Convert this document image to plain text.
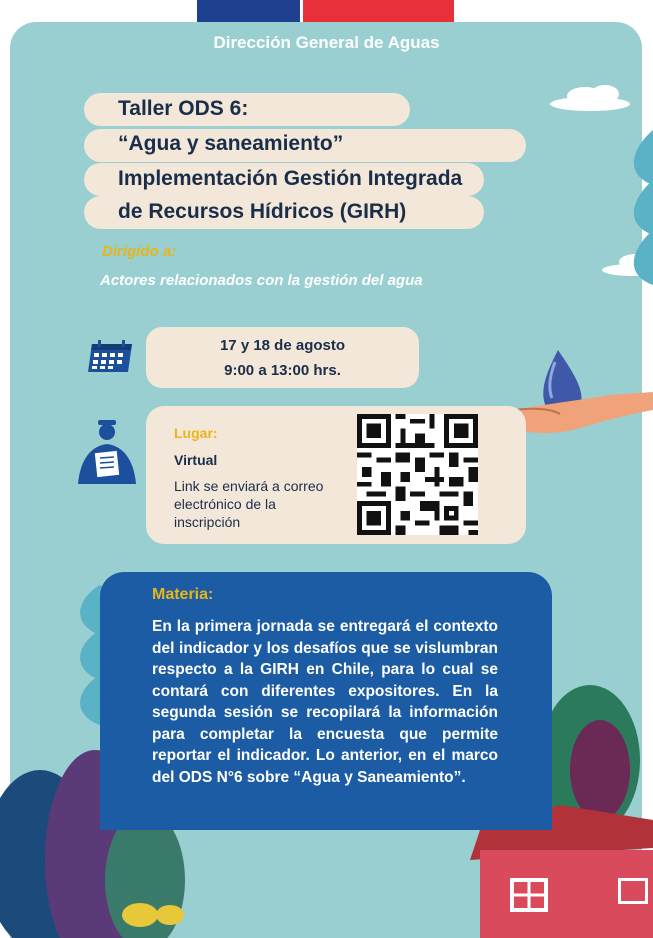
Dirección General de Aguas
Taller ODS 6:
“Agua y saneamiento”
Implementación Gestión Integrada
de Recursos Hídricos (GIRH)
Dirigido a:
Actores relacionados con la gestión del agua
17 y 18 de agosto
9:00 a 13:00 hrs.
Lugar:
Virtual
Link se enviará a correo electrónico de la inscripción
Materia:
En la primera jornada se entregará el contexto del indicador y los desafíos que se vislumbran respecto a la GIRH en Chile, para lo cual se contará con diferentes expositores. En la segunda sesión se recopilará la información para completar la encuesta que permite reportar el indicador. Lo anterior, en el marco del ODS N°6 sobre “Agua y Saneamiento”.
